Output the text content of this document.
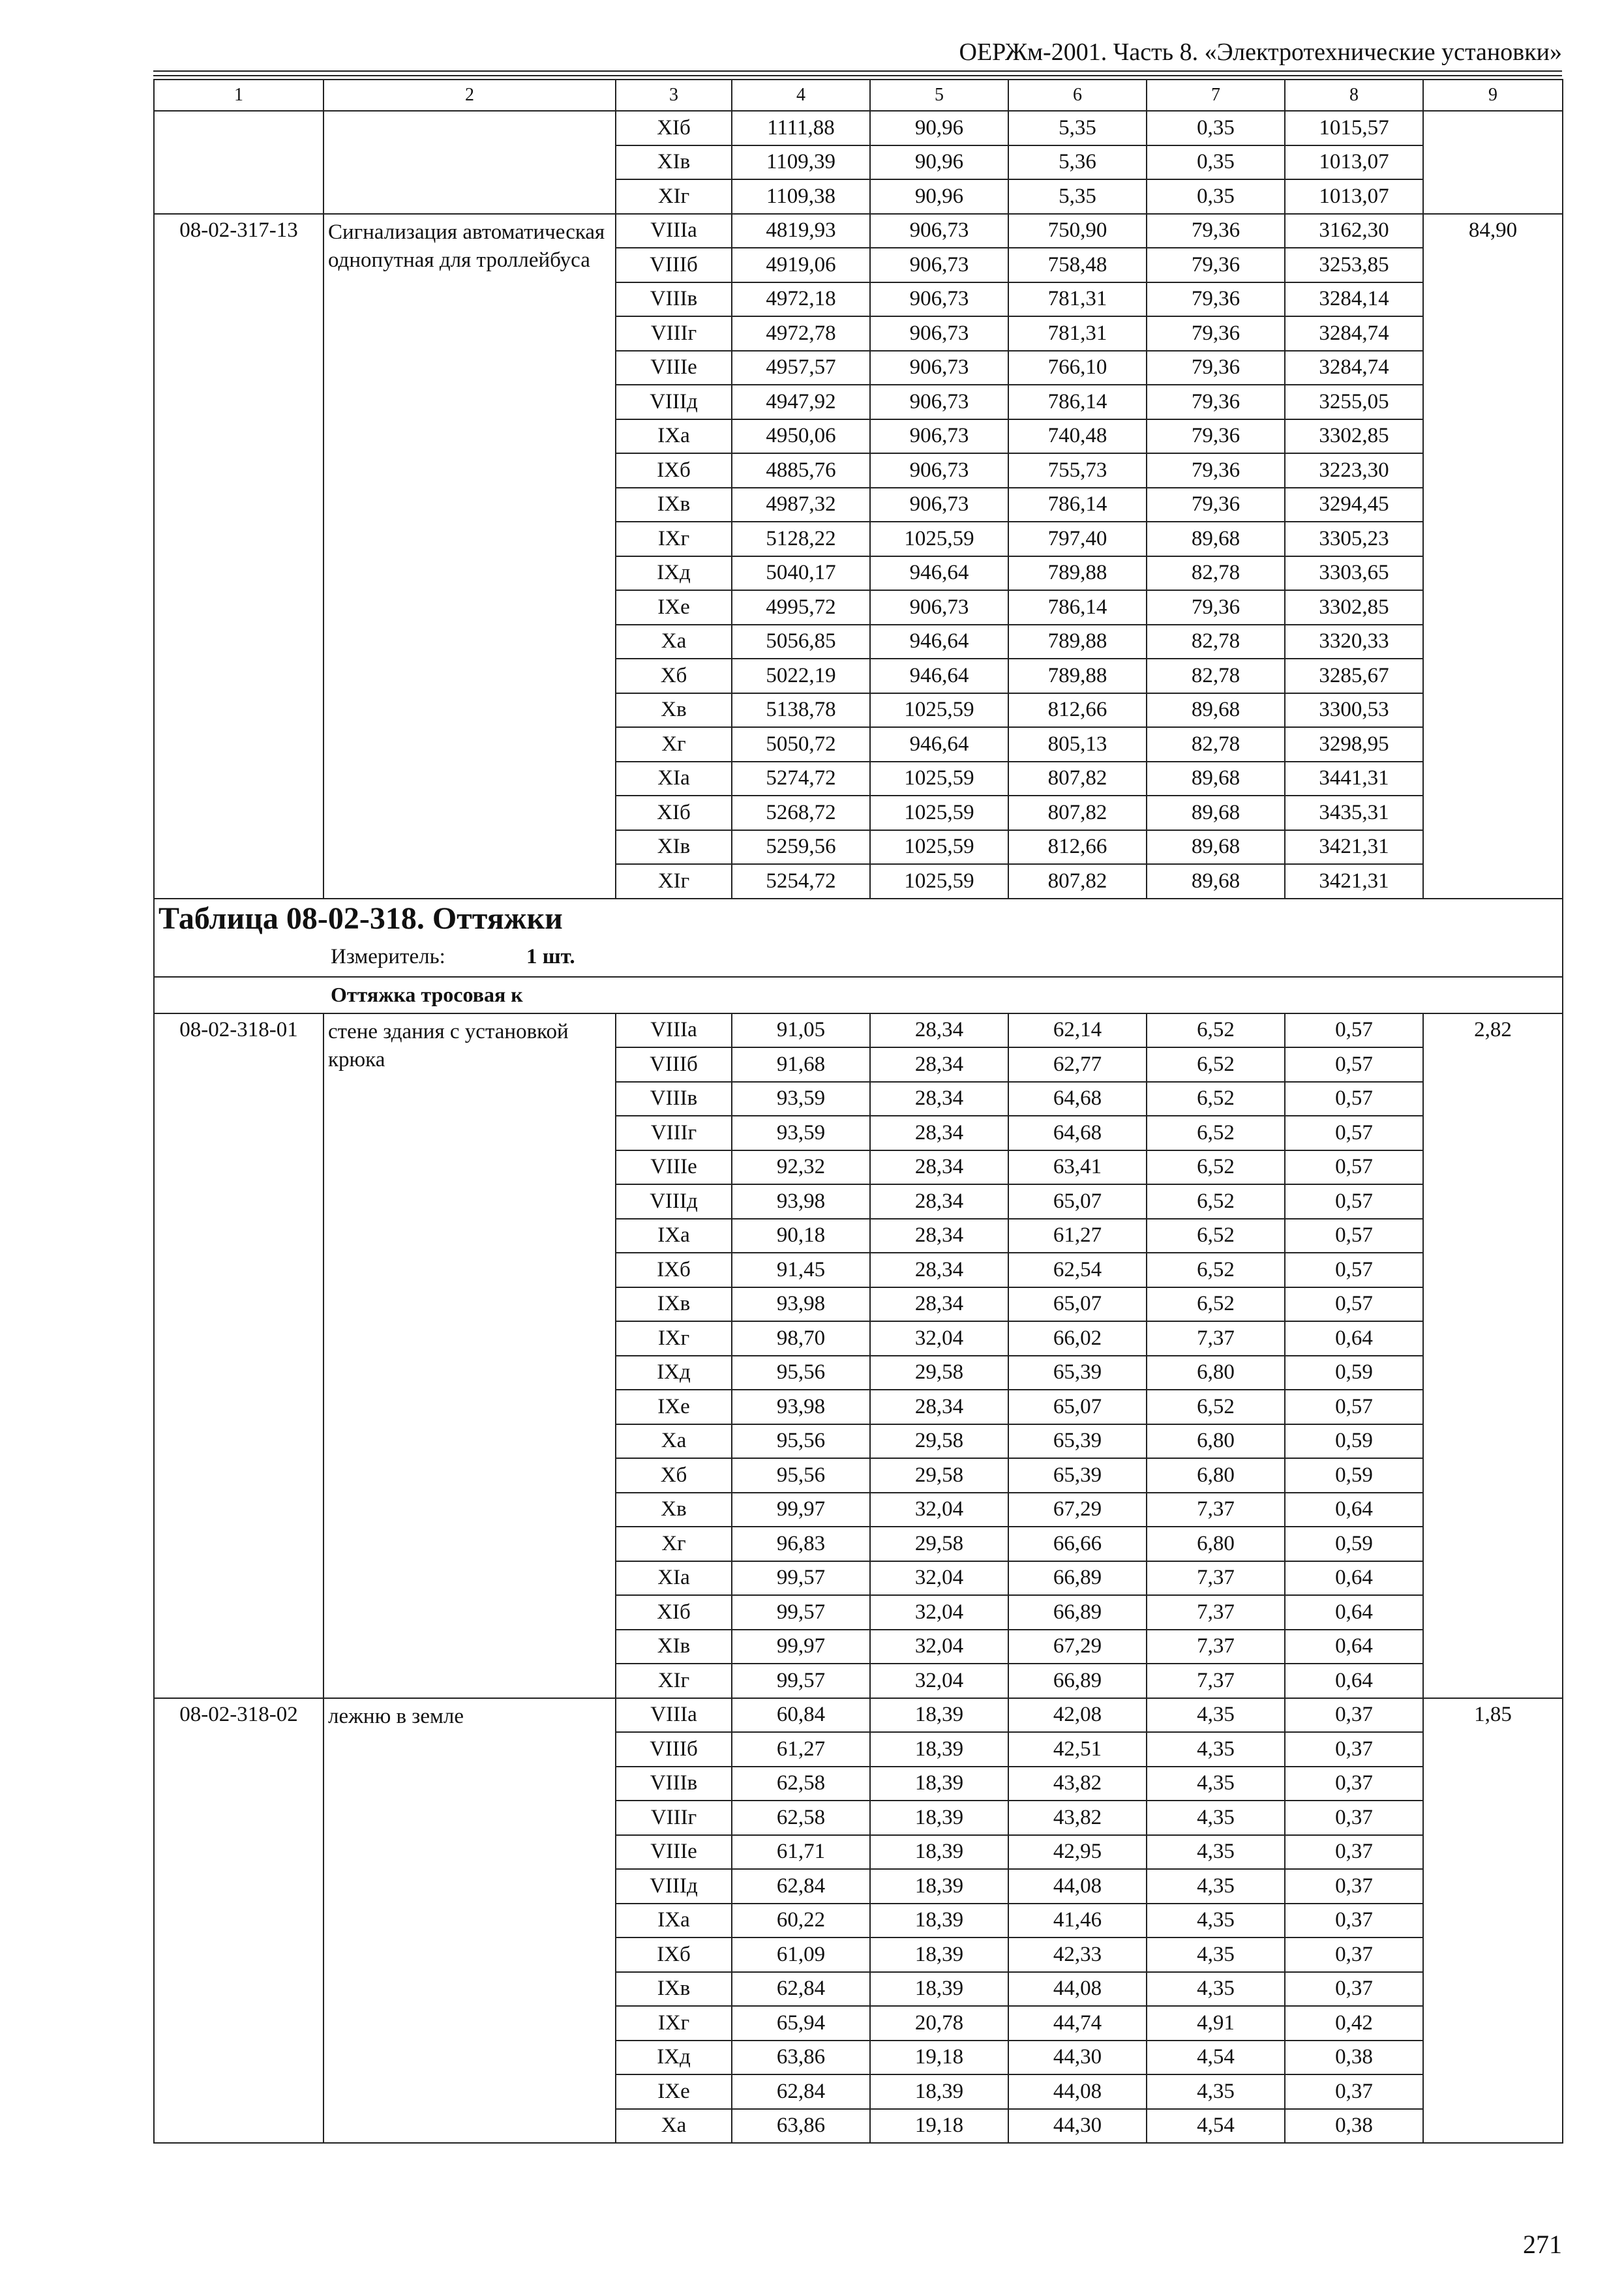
ОЕРЖм-2001. Часть 8. «Электротехнические установки»
1	2	3	4	5	6	7	8	9
		XIб	1111,88	90,96	5,35	0,35	1015,57	
		XIв	1109,39	90,96	5,36	0,35	1013,07	
		XIг	1109,38	90,96	5,35	0,35	1013,07	
08-02-317-13	Сигнализация автоматическая однопутная для троллейбуса	VIIIа	4819,93	906,73	750,90	79,36	3162,30	84,90
		VIIIб	4919,06	906,73	758,48	79,36	3253,85	
		VIIIв	4972,18	906,73	781,31	79,36	3284,14	
		VIIIг	4972,78	906,73	781,31	79,36	3284,74	
		VIIIе	4957,57	906,73	766,10	79,36	3284,74	
		VIIIд	4947,92	906,73	786,14	79,36	3255,05	
		IXа	4950,06	906,73	740,48	79,36	3302,85	
		IXб	4885,76	906,73	755,73	79,36	3223,30	
		IXв	4987,32	906,73	786,14	79,36	3294,45	
		IXг	5128,22	1025,59	797,40	89,68	3305,23	
		IXд	5040,17	946,64	789,88	82,78	3303,65	
		IXе	4995,72	906,73	786,14	79,36	3302,85	
		Xа	5056,85	946,64	789,88	82,78	3320,33	
		Xб	5022,19	946,64	789,88	82,78	3285,67	
		Xв	5138,78	1025,59	812,66	89,68	3300,53	
		Xг	5050,72	946,64	805,13	82,78	3298,95	
		XIа	5274,72	1025,59	807,82	89,68	3441,31	
		XIб	5268,72	1025,59	807,82	89,68	3435,31	
		XIв	5259,56	1025,59	812,66	89,68	3421,31	
		XIг	5254,72	1025,59	807,82	89,68	3421,31	
Таблица 08-02-318. Оттяжки								
Измеритель: 1 шт.								
Оттяжка тросовая к								
08-02-318-01	стене здания с установкой крюка	VIIIа	91,05	28,34	62,14	6,52	0,57	2,82
		VIIIб	91,68	28,34	62,77	6,52	0,57	
		VIIIв	93,59	28,34	64,68	6,52	0,57	
		VIIIг	93,59	28,34	64,68	6,52	0,57	
		VIIIе	92,32	28,34	63,41	6,52	0,57	
		VIIIд	93,98	28,34	65,07	6,52	0,57	
		IXа	90,18	28,34	61,27	6,52	0,57	
		IXб	91,45	28,34	62,54	6,52	0,57	
		IXв	93,98	28,34	65,07	6,52	0,57	
		IXг	98,70	32,04	66,02	7,37	0,64	
		IXд	95,56	29,58	65,39	6,80	0,59	
		IXе	93,98	28,34	65,07	6,52	0,57	
		Xа	95,56	29,58	65,39	6,80	0,59	
		Xб	95,56	29,58	65,39	6,80	0,59	
		Xв	99,97	32,04	67,29	7,37	0,64	
		Xг	96,83	29,58	66,66	6,80	0,59	
		XIа	99,57	32,04	66,89	7,37	0,64	
		XIб	99,57	32,04	66,89	7,37	0,64	
		XIв	99,97	32,04	67,29	7,37	0,64	
		XIг	99,57	32,04	66,89	7,37	0,64	
08-02-318-02	лежню в земле	VIIIа	60,84	18,39	42,08	4,35	0,37	1,85
		VIIIб	61,27	18,39	42,51	4,35	0,37	
		VIIIв	62,58	18,39	43,82	4,35	0,37	
		VIIIг	62,58	18,39	43,82	4,35	0,37	
		VIIIе	61,71	18,39	42,95	4,35	0,37	
		VIIIд	62,84	18,39	44,08	4,35	0,37	
		IXа	60,22	18,39	41,46	4,35	0,37	
		IXб	61,09	18,39	42,33	4,35	0,37	
		IXв	62,84	18,39	44,08	4,35	0,37	
		IXг	65,94	20,78	44,74	4,91	0,42	
		IXд	63,86	19,18	44,30	4,54	0,38	
		IXе	62,84	18,39	44,08	4,35	0,37	
		Xа	63,86	19,18	44,30	4,54	0,38	
271
